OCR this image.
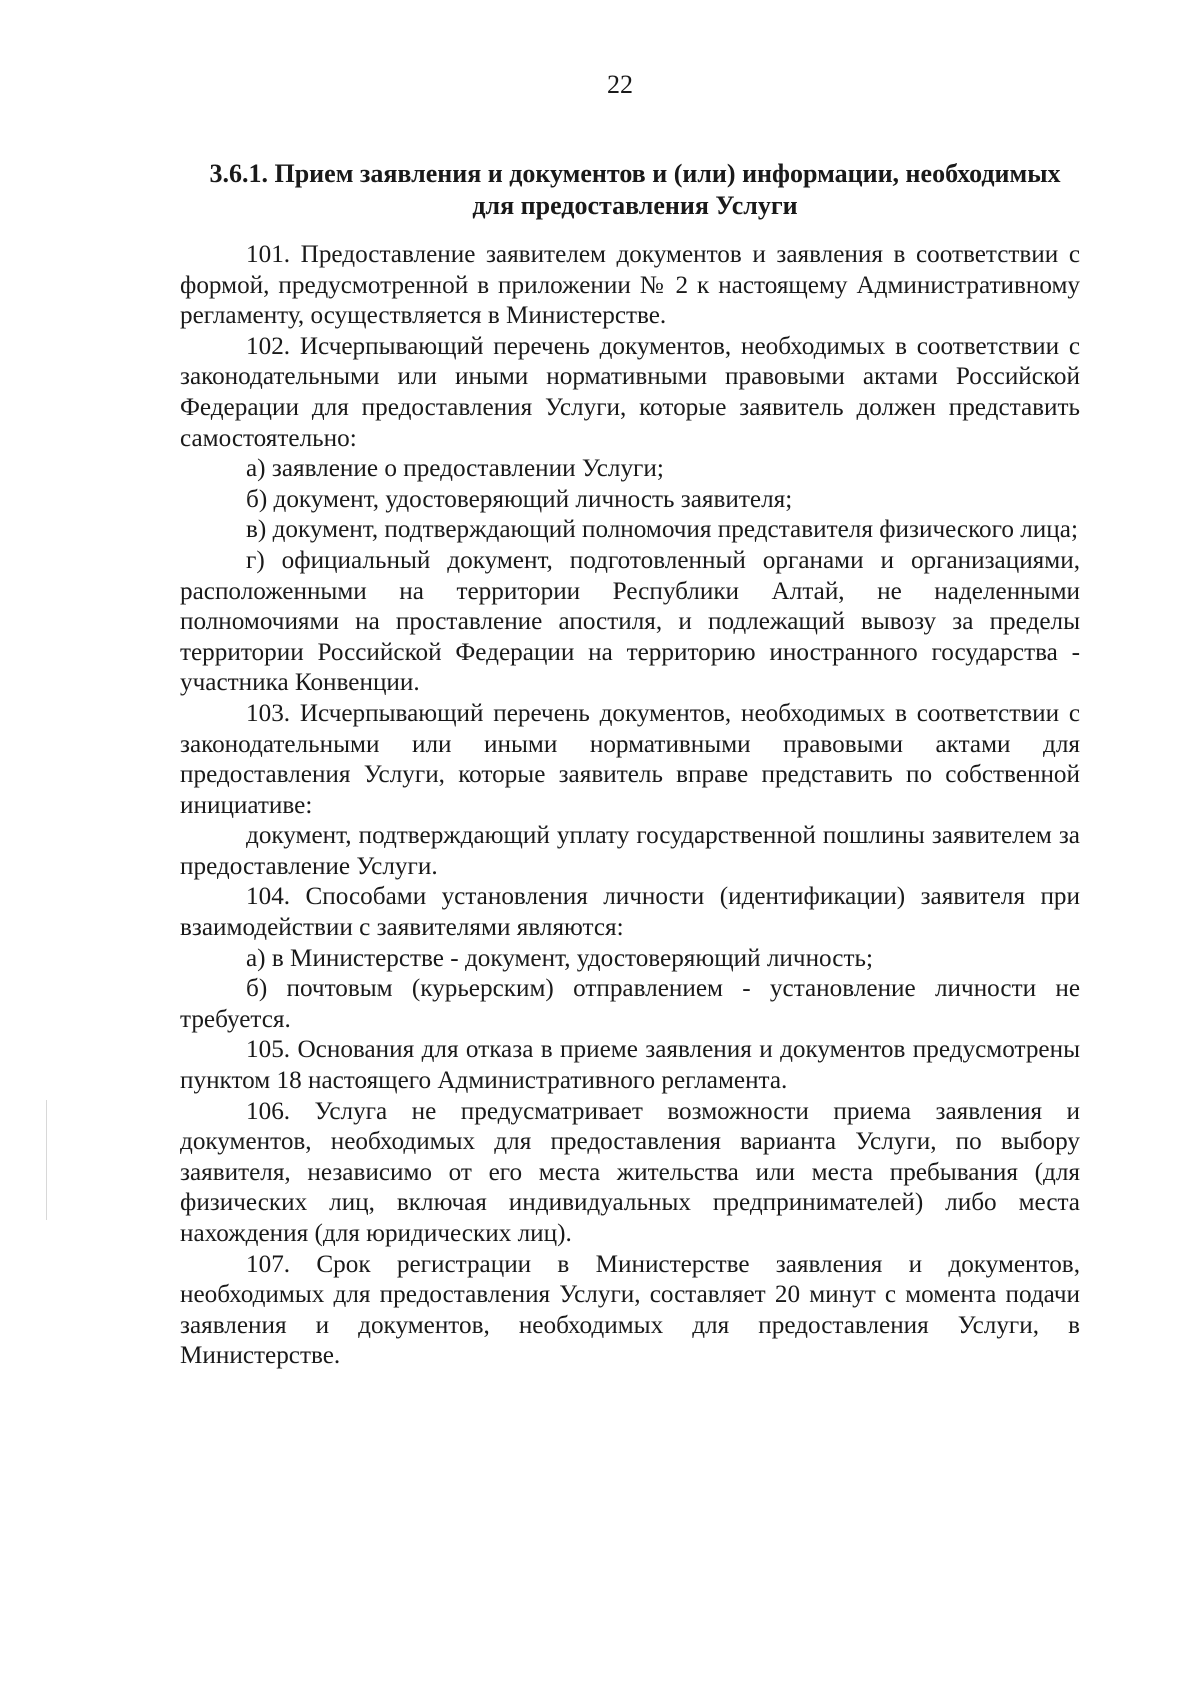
22
3.6.1. Прием заявления и документов и (или) информации, необходимых для предоставления Услуги

101. Предоставление заявителем документов и заявления в соответствии с формой, предусмотренной в приложении № 2 к настоящему Административному регламенту, осуществляется в Министерстве.

102. Исчерпывающий перечень документов, необходимых в соответствии с законодательными или иными нормативными правовыми актами Российской Федерации для предоставления Услуги, которые заявитель должен представить самостоятельно:

а) заявление о предоставлении Услуги;

б) документ, удостоверяющий личность заявителя;

в) документ, подтверждающий полномочия представителя физического лица;

г) официальный документ, подготовленный органами и организациями, расположенными на территории Республики Алтай, не наделенными полномочиями на проставление апостиля, и подлежащий вывозу за пределы территории Российской Федерации на территорию иностранного государства - участника Конвенции.

103. Исчерпывающий перечень документов, необходимых в соответствии с законодательными или иными нормативными правовыми актами для предоставления Услуги, которые заявитель вправе представить по собственной инициативе:

документ, подтверждающий уплату государственной пошлины заявителем за предоставление Услуги.

104. Способами установления личности (идентификации) заявителя при взаимодействии с заявителями являются:

а) в Министерстве - документ, удостоверяющий личность;

б) почтовым (курьерским) отправлением - установление личности не требуется.

105. Основания для отказа в приеме заявления и документов предусмотрены пунктом 18 настоящего Административного регламента.

106. Услуга не предусматривает возможности приема заявления и документов, необходимых для предоставления варианта Услуги, по выбору заявителя, независимо от его места жительства или места пребывания (для физических лиц, включая индивидуальных предпринимателей) либо места нахождения (для юридических лиц).

107. Срок регистрации в Министерстве заявления и документов, необходимых для предоставления Услуги, составляет 20 минут с момента подачи заявления и документов, необходимых для предоставления Услуги, в Министерстве.
